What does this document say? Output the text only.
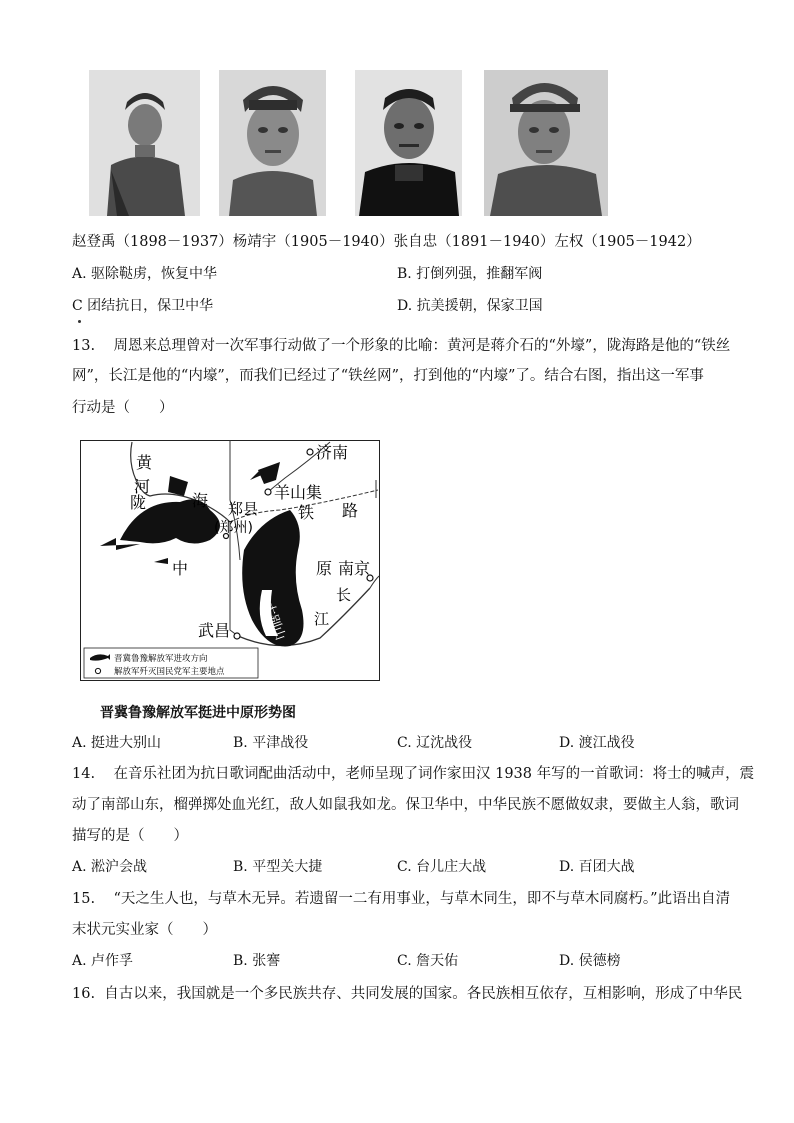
赵登禹（1898－1937）杨靖宇（1905－1940）张自忠（1891－1940）左权（1905－1942）
A. 驱除鞑虏，恢复中华	B. 打倒列强，推翻军阀
C 团结抗日，保卫中华	D. 抗美援朝，保家卫国
13. 周恩来总理曾对一次军事行动做了一个形象的比喻：黄河是蒋介石的“外壕”，陇海路是他的“铁丝
网”，长江是他的“内壕”，而我们已经过了“铁丝网”，打到他的“内壕”了。结合右图，指出这一军事
行动是（　　）
黄
河
陇	海 郑县
(郑州)
济南
羊山集
铁 路
中	原 南京
长
江
武昌 大别山
晋冀鲁豫解放军进攻方向
解放军歼灭国民党军主要地点
晋冀鲁豫解放军挺进中原形势图
A. 挺进大别山	B. 平津战役	C. 辽沈战役	D. 渡江战役
14. 在音乐社团为抗日歌词配曲活动中，老师呈现了词作家田汉 1938 年写的一首歌词：将士的喊声，震
动了南部山东，榴弹掷处血光红，敌人如鼠我如龙。保卫华中，中华民族不愿做奴隶，要做主人翁，歌词
描写的是（　　）
A. 淞沪会战	B. 平型关大捷	C. 台儿庄大战	D. 百团大战
15. “天之生人也，与草木无异。若遗留一二有用事业，与草木同生，即不与草木同腐朽。”此语出自清
末状元实业家（　　）
A. 卢作孚	B. 张謇	C. 詹天佑	D. 侯德榜
16. 自古以来，我国就是一个多民族共存、共同发展的国家。各民族相互依存，互相影响，形成了中华民
